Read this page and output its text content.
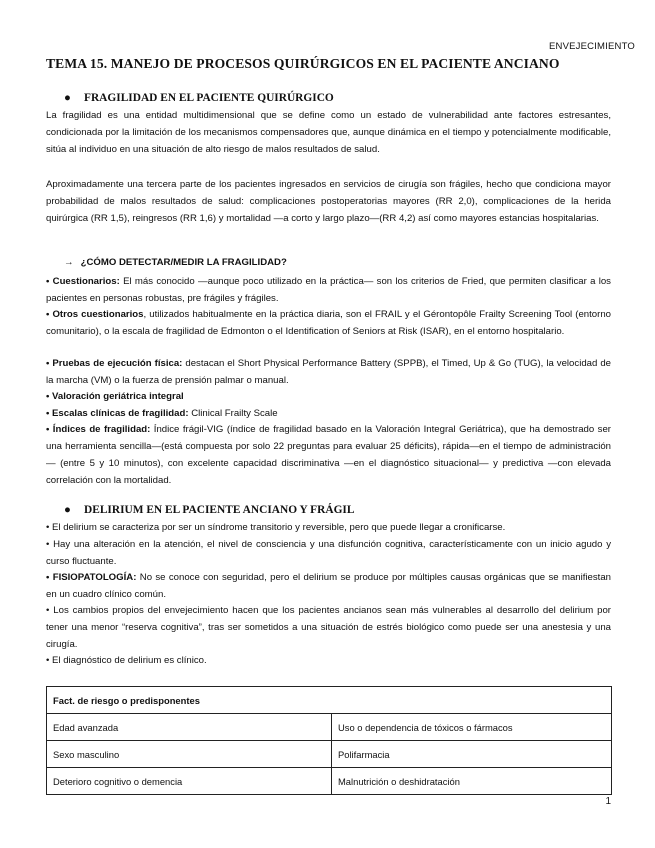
ENVEJECIMIENTO
TEMA 15. MANEJO DE PROCESOS QUIRÚRGICOS EN EL PACIENTE ANCIANO
● FRAGILIDAD EN EL PACIENTE QUIRÚRGICO
La fragilidad es una entidad multidimensional que se define como un estado de vulnerabilidad ante factores estresantes, condicionada por la limitación de los mecanismos compensadores que, aunque dinámica en el tiempo y potencialmente modificable, sitúa al individuo en una situación de alto riesgo de malos resultados de salud.
Aproximadamente una tercera parte de los pacientes ingresados en servicios de cirugía son frágiles, hecho que condiciona mayor probabilidad de malos resultados de salud: complicaciones postoperatorias mayores (RR 2,0), complicaciones de la herida quirúrgica (RR 1,5), reingresos (RR 1,6) y mortalidad —a corto y largo plazo—(RR 4,2) así como mayores estancias hospitalarias.
→ ¿CÓMO DETECTAR/MEDIR LA FRAGILIDAD?
• Cuestionarios: El más conocido —aunque poco utilizado en la práctica— son los criterios de Fried, que permiten clasificar a los pacientes en personas robustas, pre frágiles y frágiles.
• Otros cuestionarios, utilizados habitualmente en la práctica diaria, son el FRAIL y el Gérontopôle Frailty Screening Tool (entorno comunitario), o la escala de fragilidad de Edmonton o el Identification of Seniors at Risk (ISAR), en el entorno hospitalario.
• Pruebas de ejecución física: destacan el Short Physical Performance Battery (SPPB), el Timed, Up & Go (TUG), la velocidad de la marcha (VM) o la fuerza de prensión palmar o manual.
• Valoración geriátrica integral
• Escalas clínicas de fragilidad: Clinical Frailty Scale
• Índices de fragilidad: Índice frágil-VIG (índice de fragilidad basado en la Valoración Integral Geriátrica), que ha demostrado ser una herramienta sencilla—(está compuesta por solo 22 preguntas para evaluar 25 déficits), rápida—en el tiempo de administración— (entre 5 y 10 minutos), con excelente capacidad discriminativa —en el diagnóstico situacional— y predictiva —con elevada correlación con la mortalidad.
● DELIRIUM EN EL PACIENTE ANCIANO Y FRÁGIL
• El delirium se caracteriza por ser un síndrome transitorio y reversible, pero que puede llegar a cronificarse.
• Hay una alteración en la atención, el nivel de consciencia y una disfunción cognitiva, característicamente con un inicio agudo y curso fluctuante.
• FISIOPATOLOGÍA: No se conoce con seguridad, pero el delirium se produce por múltiples causas orgánicas que se manifiestan en un cuadro clínico común.
• Los cambios propios del envejecimiento hacen que los pacientes ancianos sean más vulnerables al desarrollo del delirium por tener una menor “reserva cognitiva”, tras ser sometidos a una situación de estrés biológico como puede ser una anestesia y una cirugía.
• El diagnóstico de delirium es clínico.
Fact. de riesgo o predisponentes	
Edad avanzada	Uso o dependencia de tóxicos o fármacos
Sexo masculino	Polifarmacia
Deterioro cognitivo o demencia	Malnutrición o deshidratación
1
